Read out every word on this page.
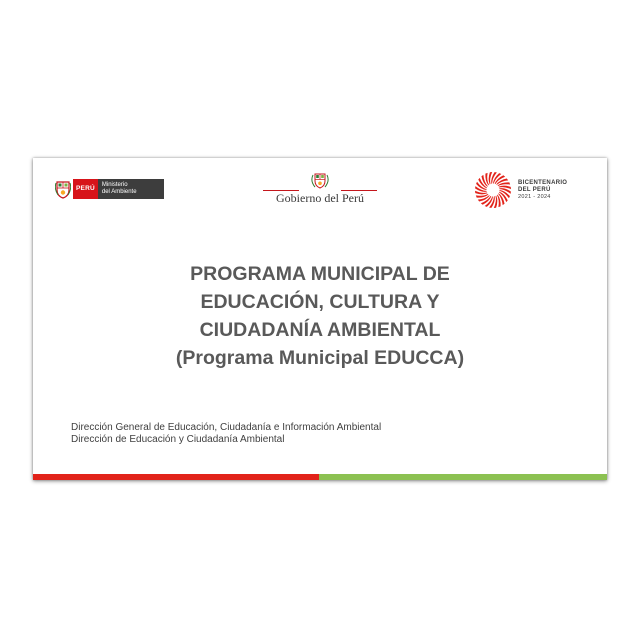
PERÚ	Ministerio
del Ambiente	Gobierno del Perú
BICENTENARIO
DEL PERÚ
2021 - 2024
PROGRAMA MUNICIPAL DE
EDUCACIÓN, CULTURA Y
CIUDADANÍA AMBIENTAL
(Programa Municipal EDUCCA)
Dirección General de Educación, Ciudadanía e Información Ambiental
Dirección de Educación y Ciudadanía Ambiental
